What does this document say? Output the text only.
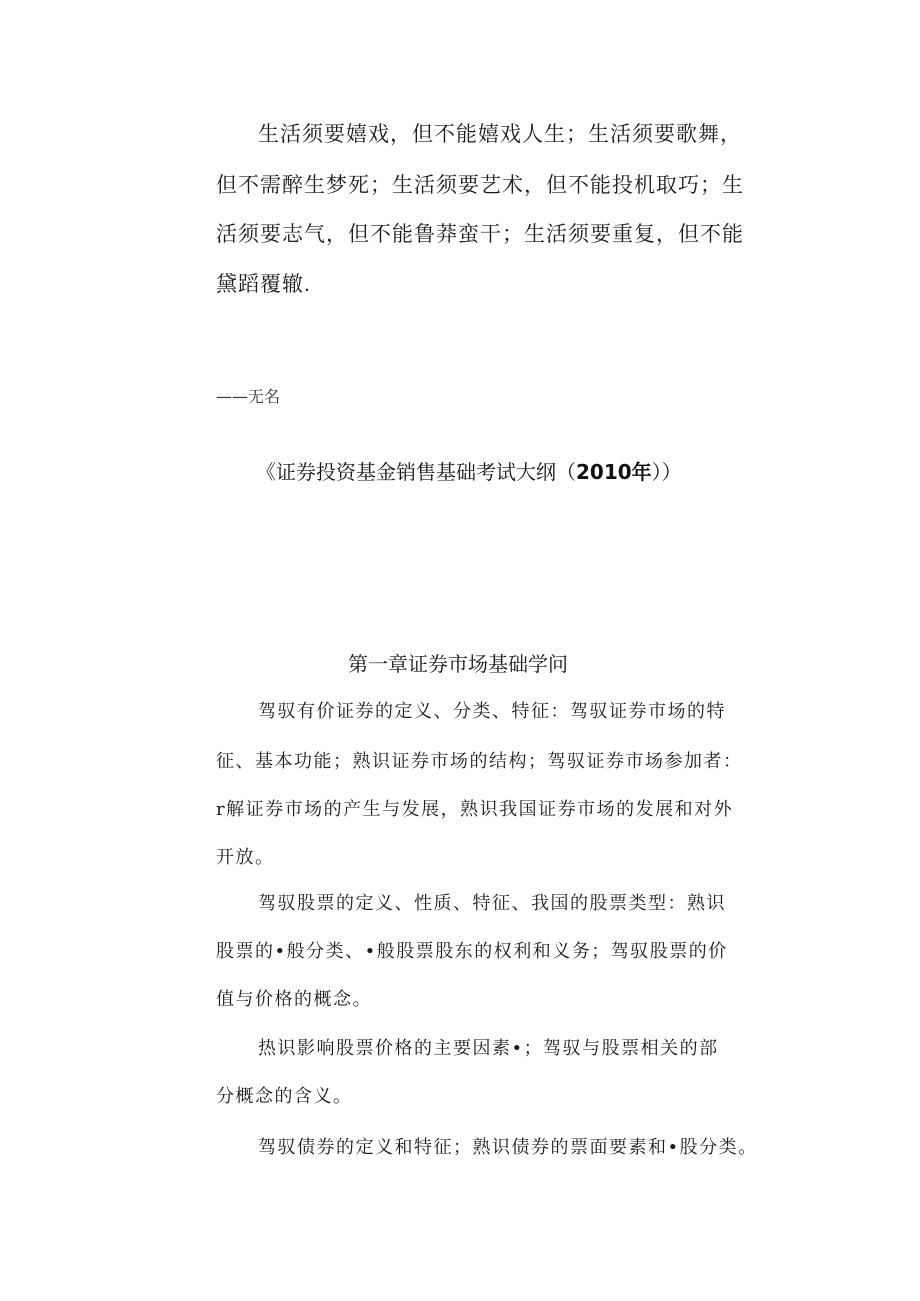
生活须要嬉戏，但不能嬉戏人生；生活须要歌舞，

但不需醉生梦死；生活须要艺术，但不能投机取巧；生

活须要志气，但不能鲁莽蛮干；生活须要重复，但不能

黛蹈覆辙.

——无名

《证券投资基金销售基础考试大纲（2010年））

第一章证券市场基础学问

驾驭有价证券的定义、分类、特征：驾驭证券市场的特

征、基本功能；熟识证券市场的结构；驾驭证券市场参加者：

r解证券市场的产生与发展，熟识我国证券市场的发展和对外

开放。

驾驭股票的定义、性质、特征、我国的股票类型：熟识

股票的•般分类、•般股票股东的权利和义务；驾驭股票的价

值与价格的概念。

热识影响股票价格的主要因素•；驾驭与股票相关的部

分概念的含义。

驾驭债券的定义和特征；熟识债券的票面要素和•股分类。
